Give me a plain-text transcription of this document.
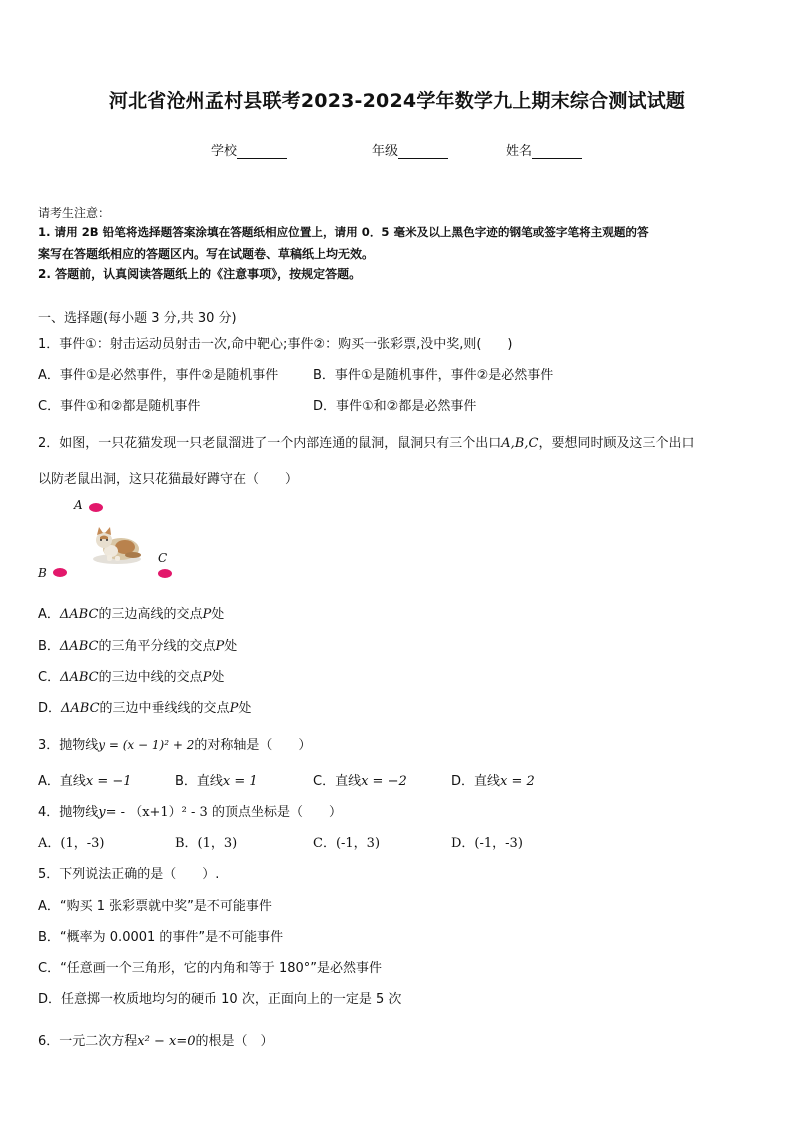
河北省沧州孟村县联考2023-2024学年数学九上期末综合测试试题
学校	年级	姓名
请考生注意：
1. 请用 2B 铅笔将选择题答案涂填在答题纸相应位置上，请用 0．5 毫米及以上黑色字迹的钢笔或签字笔将主观题的答
案写在答题纸相应的答题区内。写在试题卷、草稿纸上均无效。
2. 答题前，认真阅读答题纸上的《注意事项》，按规定答题。
一、选择题(每小题 3 分,共 30 分)
1．事件①：射击运动员射击一次,命中靶心;事件②：购买一张彩票,没中奖,则(　　)
A．事件①是必然事件，事件②是随机事件	B．事件①是随机事件，事件②是必然事件
C．事件①和②都是随机事件	D．事件①和②都是必然事件
2．如图，一只花猫发现一只老鼠溜进了一个内部连通的鼠洞，鼠洞只有三个出口A,B,C，要想同时顾及这三个出口
以防老鼠出洞，这只花猫最好蹲守在（　　）
A
B
C
A．ΔABC的三边高线的交点P处
B．ΔABC的三角平分线的交点P处
C．ΔABC的三边中线的交点P处
D．ΔABC的三边中垂线线的交点P处
3．抛物线y = (x − 1)² + 2的对称轴是（　　）
A．直线x = −1	B．直线x = 1	C．直线x = −2	D．直线x = 2
4．抛物线y= - （x+1）² - 3 的顶点坐标是（　　）
A．(1，-3)	B．(1，3)	C．(-1，3)	D．(-1，-3)
5．下列说法正确的是（　　）.
A．“购买 1 张彩票就中奖”是不可能事件
B．“概率为 0.0001 的事件”是不可能事件
C．“任意画一个三角形，它的内角和等于 180°”是必然事件
D．任意掷一枚质地均匀的硬币 10 次，正面向上的一定是 5 次
6．一元二次方程x² − x=0的根是（　）
